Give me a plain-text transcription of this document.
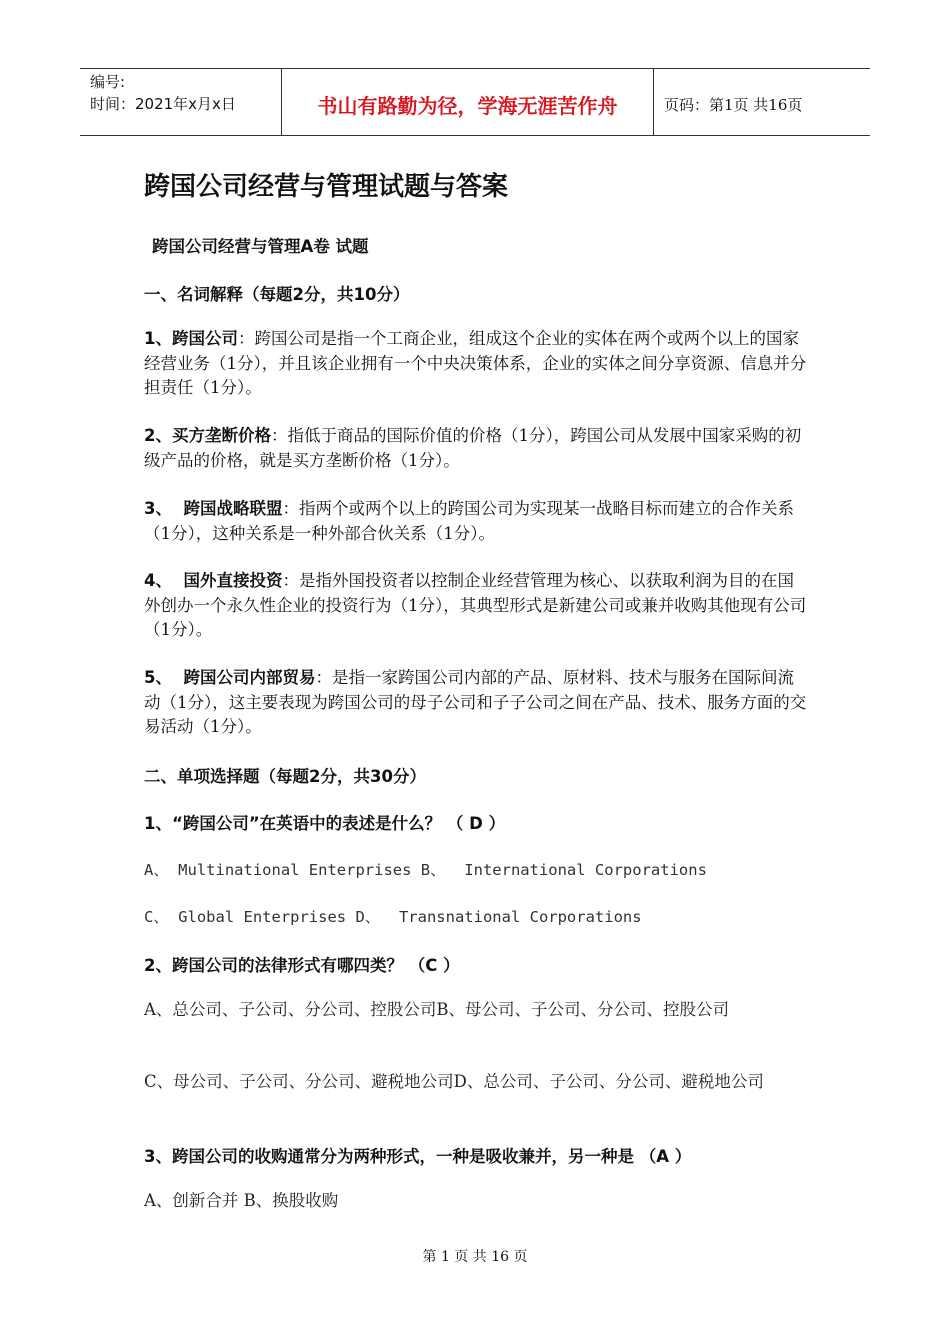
编号:
时间：2021年x月x日	书山有路勤为径，学海无涯苦作舟	页码：第1页 共16页
跨国公司经营与管理试题与答案
跨国公司经营与管理A卷 试题
一、名词解释（每题2分，共10分）
1、跨国公司：跨国公司是指一个工商企业，组成这个企业的实体在两个或两个以上的国家经营业务（1分），并且该企业拥有一个中央决策体系，企业的实体之间分享资源、信息并分担责任（1分）。
2、买方垄断价格：指低于商品的国际价值的价格（1分），跨国公司从发展中国家采购的初级产品的价格，就是买方垄断价格（1分）。
3、  跨国战略联盟：指两个或两个以上的跨国公司为实现某一战略目标而建立的合作关系（1分），这种关系是一种外部合伙关系（1分）。
4、  国外直接投资：是指外国投资者以控制企业经营管理为核心、以获取利润为目的在国外创办一个永久性企业的投资行为（1分），其典型形式是新建公司或兼并收购其他现有公司（1分）。
5、  跨国公司内部贸易：是指一家跨国公司内部的产品、原材料、技术与服务在国际间流动（1分），这主要表现为跨国公司的母子公司和子子公司之间在产品、技术、服务方面的交易活动（1分）。
二、单项选择题（每题2分，共30分）
1、“跨国公司”在英语中的表述是什么？ （ D ）
A、 Multinational Enterprises B、  International Corporations
C、 Global Enterprises D、  Transnational Corporations
2、跨国公司的法律形式有哪四类？ （C ）
A、总公司、子公司、分公司、控股公司B、母公司、子公司、分公司、控股公司
C、母公司、子公司、分公司、避税地公司D、总公司、子公司、分公司、避税地公司
3、跨国公司的收购通常分为两种形式，一种是吸收兼并，另一种是 （A ）
A、创新合并 B、换股收购
第 1 页 共 16 页
